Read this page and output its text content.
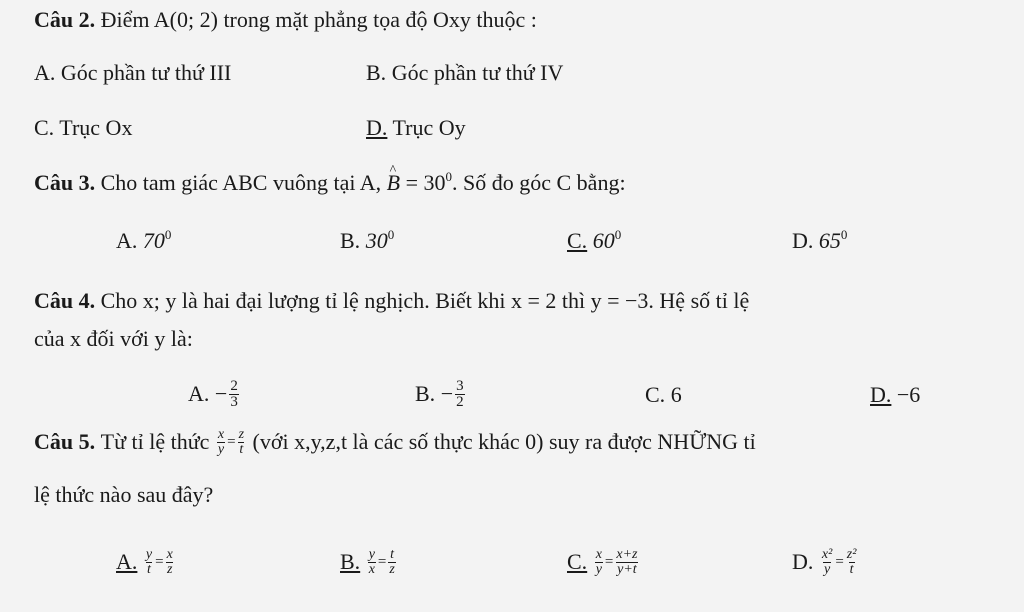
Câu 2. Điểm A(0; 2) trong mặt phẳng tọa độ Oxy thuộc :
A. Góc phần tư thứ III	B. Góc phần tư thứ IV
C. Trục Ox	D. Trục Oy
Câu 3. Cho tam giác ABC vuông tại A, ^ $B = 30^0$. Số đo góc C bằng:
A. $70^0$	B. $30^0$	C. $60^0$	D. $65^0$
Câu 4. Cho x; y là hai đại lượng tỉ lệ nghịch. Biết khi x = 2 thì y = −3. Hệ số tỉ lệ
của x đối với y là:
A.
− $\frac{2}{3}$	B.
− $\frac{3}{2}$	C. 6	D. −6
Câu 5.
Từ tỉ lệ thức
$\frac{x}{y} = \frac{z}{t}$
(với x,y,z,t là các số thực khác 0) suy ra được NHỮNG tỉ
lệ thức nào sau đây?
A.
$\frac{y}{t} = \frac{x}{z}$	B.
$\frac{y}{x} = \frac{t}{z}$	C.
$\frac{x}{y} = \frac{x+z}{y+t}$	D.
$\frac{\text{x²}}{y} = \frac{\text{z²}}{t}$
